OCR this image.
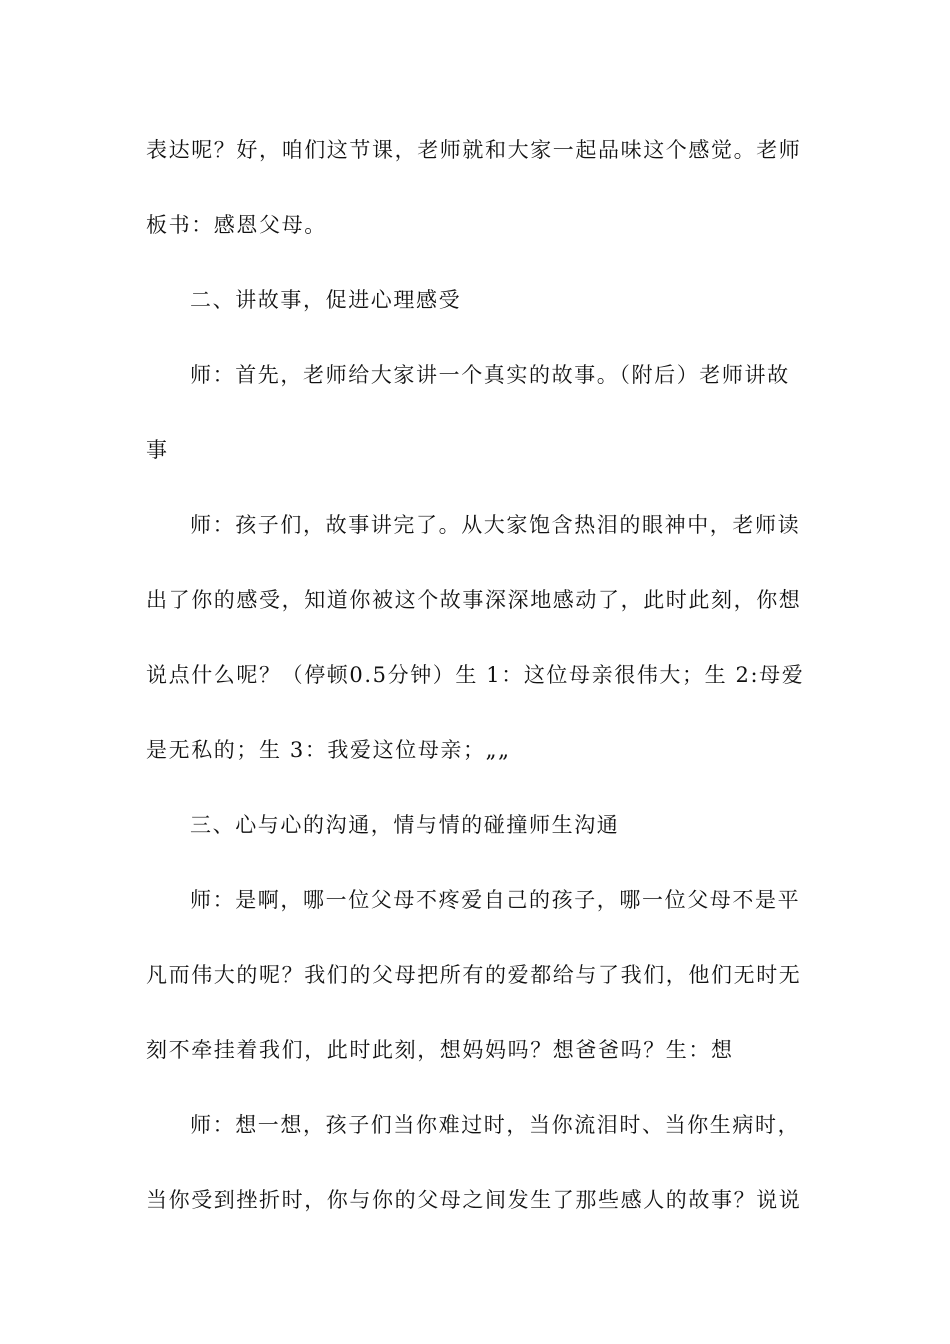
表达呢？好，咱们这节课，老师就和大家一起品味这个感觉。老师
板书：感恩父母。
二、讲故事，促进心理感受
师：首先，老师给大家讲一个真实的故事。（附后）老师讲故
事
师：孩子们，故事讲完了。从大家饱含热泪的眼神中，老师读
出了你的感受，知道你被这个故事深深地感动了，此时此刻，你想
说点什么呢？（停顿0.5分钟）生 1：这位母亲很伟大；生 2:母爱
是无私的；生 3：我爱这位母亲；„„
三、心与心的沟通，情与情的碰撞师生沟通
师：是啊，哪一位父母不疼爱自己的孩子，哪一位父母不是平
凡而伟大的呢？我们的父母把所有的爱都给与了我们，他们无时无
刻不牵挂着我们，此时此刻，想妈妈吗？想爸爸吗？生：想
师：想一想，孩子们当你难过时，当你流泪时、当你生病时，
当你受到挫折时，你与你的父母之间发生了那些感人的故事？说说
